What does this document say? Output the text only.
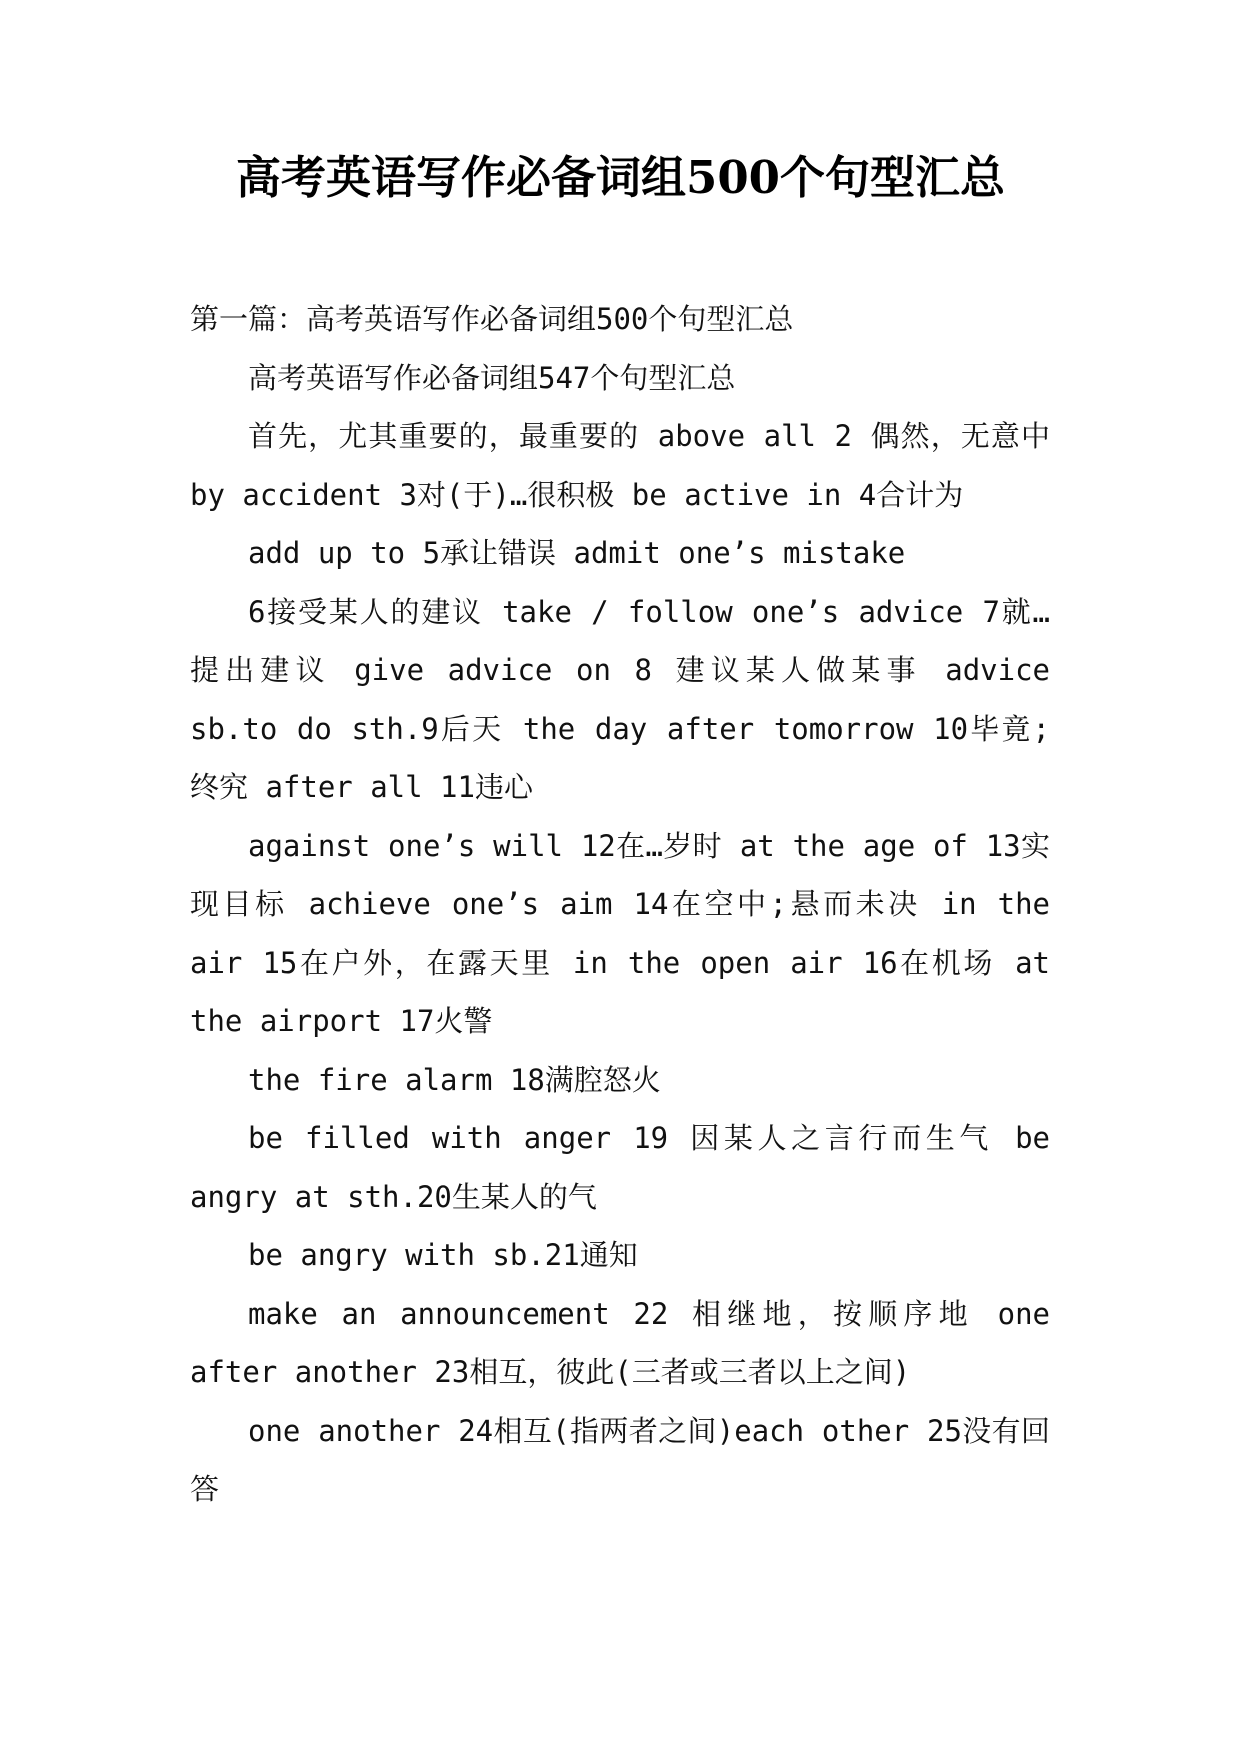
高考英语写作必备词组500个句型汇总

第一篇：高考英语写作必备词组500个句型汇总

高考英语写作必备词组547个句型汇总

首先，尤其重要的，最重要的 above all 2 偶然，无意中 by accident 3对(于)…很积极 be active in 4合计为

add up to 5承让错误 admit one’s mistake

6接受某人的建议 take / follow one’s advice 7就…提出建议 give advice on 8 建议某人做某事 advice sb.to do sth.9后天 the day after tomorrow 10毕竟;终究 after all 11违心

against one’s will 12在…岁时 at the age of 13实现目标 achieve one’s aim 14在空中;悬而未决 in the air 15在户外，在露天里 in the open air 16在机场 at the airport 17火警

the fire alarm 18满腔怒火

be filled with anger 19 因某人之言行而生气 be angry at sth.20生某人的气

be angry with sb.21通知

make an announcement 22 相继地，按顺序地 one after another 23相互，彼此(三者或三者以上之间)

one another 24相互(指两者之间)each other 25没有回答
